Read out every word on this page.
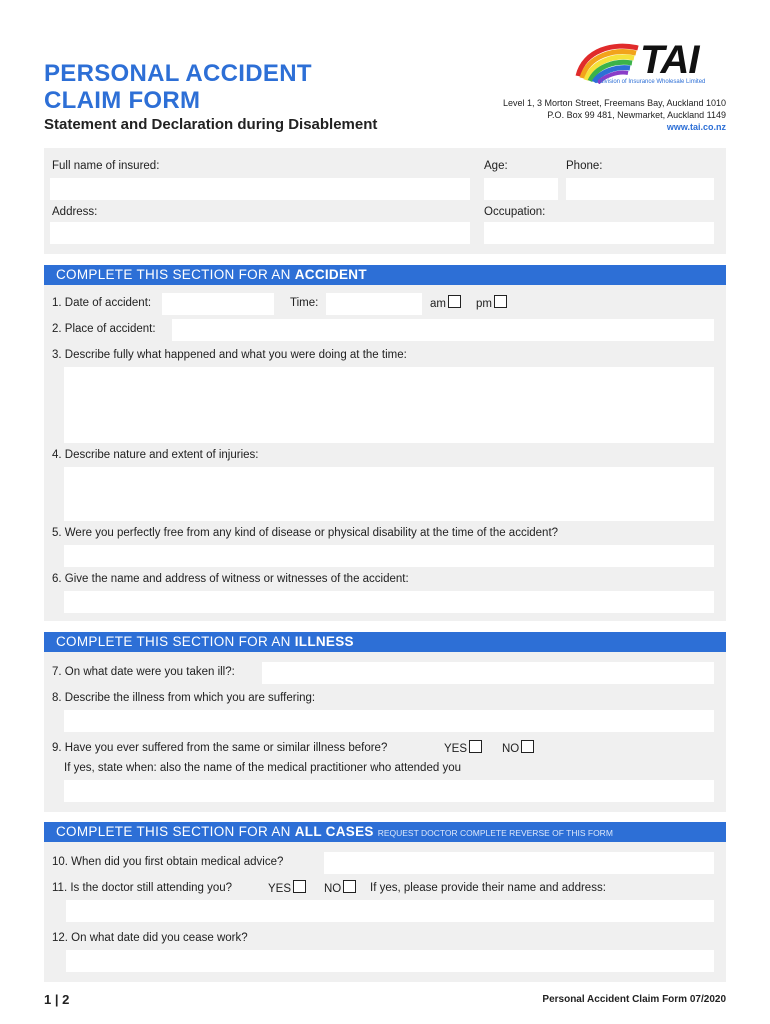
PERSONAL ACCIDENT
CLAIM FORM
Statement and Declaration during Disablement
TAI
a division of Insurance Wholesale Limited
Level 1, 3 Morton Street, Freemans Bay, Auckland 1010
P.O. Box 99 481, Newmarket, Auckland 1149
www.tai.co.nz
Full name of insured:	Age:	Phone:
Address:	Occupation:
COMPLETE THIS SECTION FOR AN ACCIDENT
1. Date of accident:	Time:	am	pm
2. Place of accident:
3. Describe fully what happened and what you were doing at the time:
4. Describe nature and extent of injuries:
5. Were you perfectly free from any kind of disease or physical disability at the time of the accident?
6. Give the name and address of witness or witnesses of the accident:
COMPLETE THIS SECTION FOR AN ILLNESS
7. On what date were you taken ill?:
8. Describe the illness from which you are suffering:
9. Have you ever suffered from the same or similar illness before?	YES	NO
If yes, state when: also the name of the medical practitioner who attended you
COMPLETE THIS SECTION FOR AN ALL CASES REQUEST DOCTOR COMPLETE REVERSE OF THIS FORM
10. When did you first obtain medical advice?
11. Is the doctor still attending you?	YES	NO	If yes, please provide their name and address:
12. On what date did you cease work?
1 | 2	Personal Accident Claim Form 07/2020
